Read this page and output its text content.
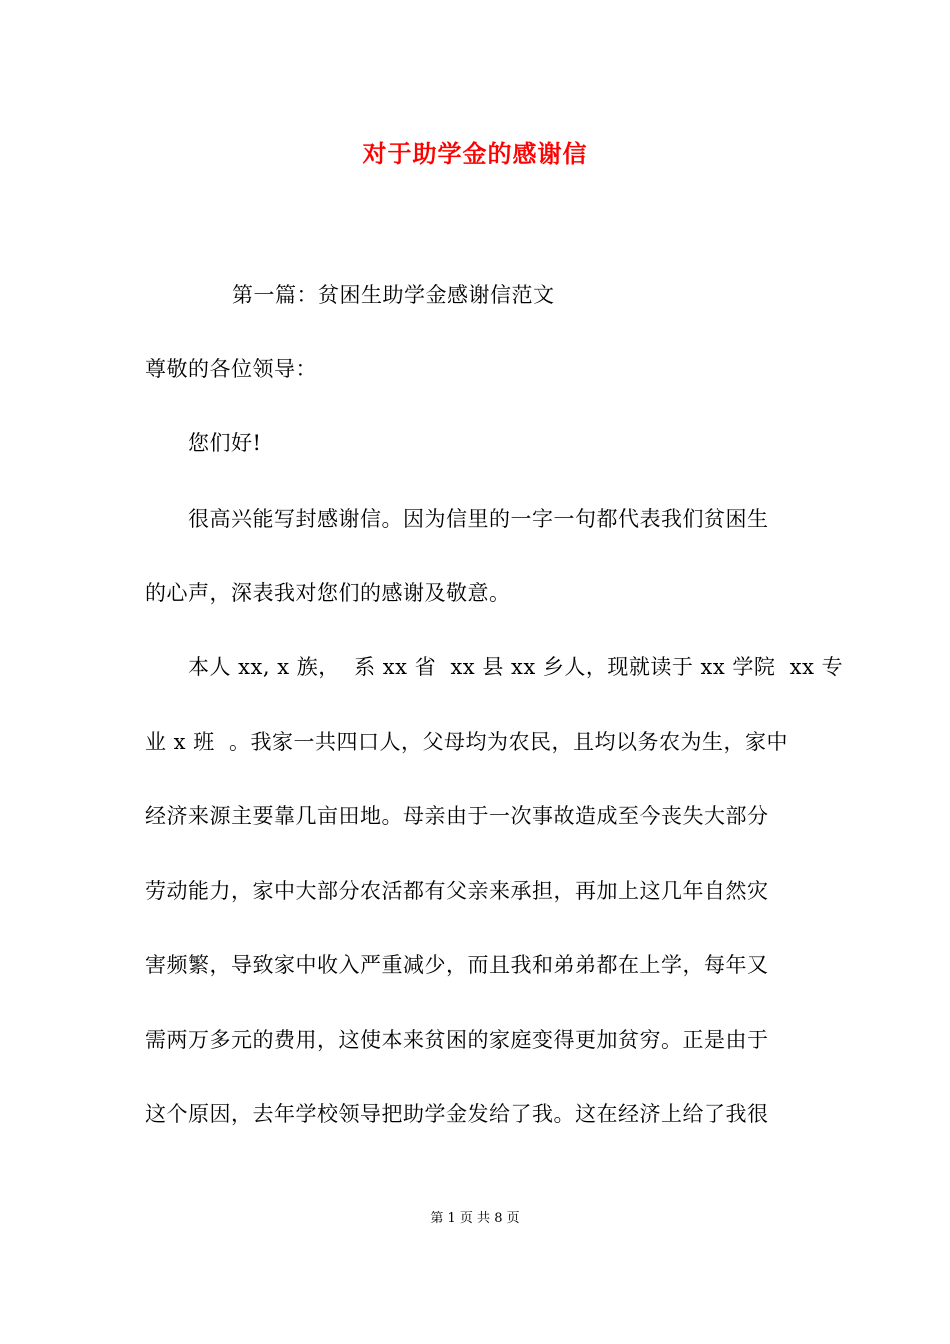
对于助学金的感谢信
第一篇：贫困生助学金感谢信范文
尊敬的各位领导：
您们好!
很高兴能写封感谢信。因为信里的一字一句都代表我们贫困生
的心声，深表我对您们的感谢及敬意。
本人 xx, x 族，  系 xx 省  xx 县 xx 乡人，现就读于 xx 学院  xx 专
业 x 班  。我家一共四口人，父母均为农民，且均以务农为生，家中
经济来源主要靠几亩田地。母亲由于一次事故造成至今丧失大部分
劳动能力，家中大部分农活都有父亲来承担，再加上这几年自然灾
害频繁，导致家中收入严重减少，而且我和弟弟都在上学，每年又
需两万多元的费用，这使本来贫困的家庭变得更加贫穷。正是由于
这个原因，去年学校领导把助学金发给了我。这在经济上给了我很
第 1 页 共 8 页
